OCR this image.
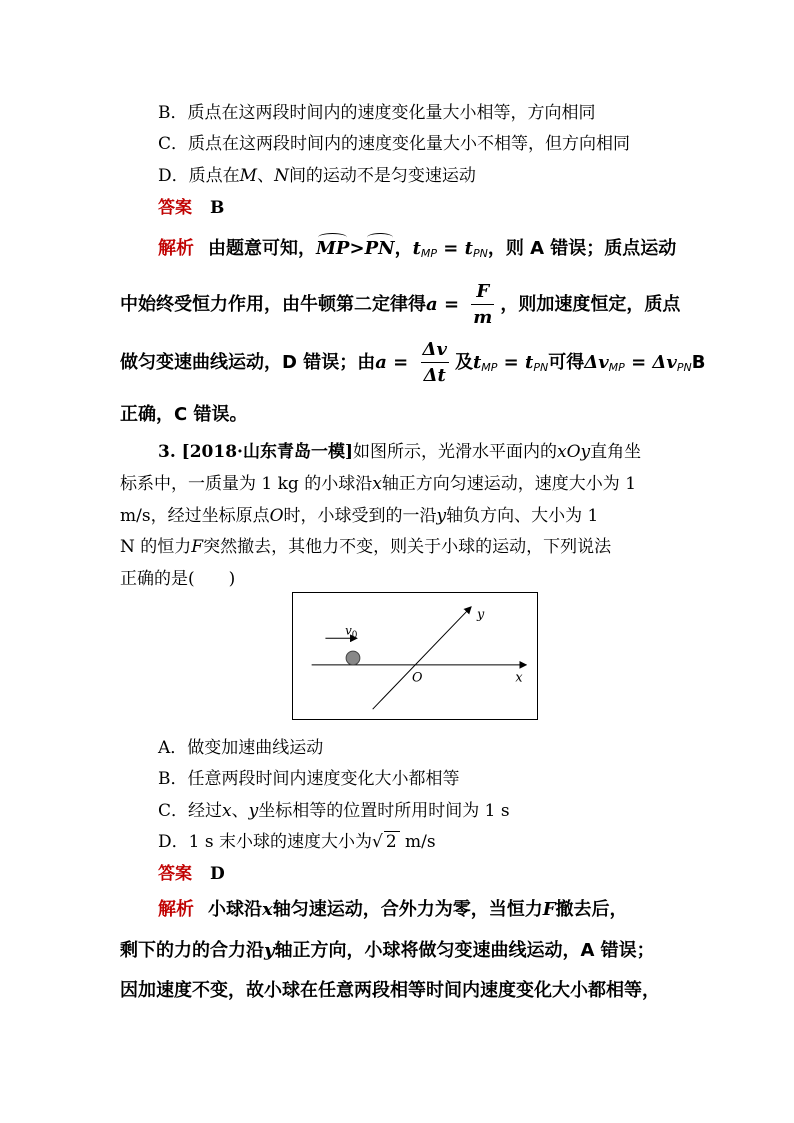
B．质点在这两段时间内的速度变化量大小相等，方向相同
C．质点在这两段时间内的速度变化量大小不相等，但方向相同
D．质点在M、N间的运动不是匀变速运动
答案 B
解析 由题意可知，MP>PN，$t_{MP} = t_{PN}$，则 A 错误；质点运动
中始终受恒力作用，由牛顿第二定律得$a = \frac{F}{m}$ ，则加速度恒定，质点
做匀变速曲线运动，D 错误；由$a = \frac{\Delta v}{\Delta t}$ 及$t_{MP} = t_{PN}$可得$\Delta v_{MP} = \Delta v_{PN}B$
正确，C 错误。
3. [2018·山东青岛一模]如图所示，光滑水平面内的xOy直角坐
标系中，一质量为 1 kg 的小球沿x轴正方向匀速运动，速度大小为 1
m/s，经过坐标原点O时，小球受到的一沿y轴负方向、大小为 1
N 的恒力F突然撤去，其他力不变，则关于小球的运动，下列说法
正确的是(　　)
$v_0$
x
y
O
A．做变加速曲线运动
B．任意两段时间内速度变化大小都相等
C．经过x、y坐标相等的位置时所用时间为 1 s
D．1 s 末小球的速度大小为√ 2 m/s
答案 D
解析 小球沿x轴匀速运动，合外力为零，当恒力F撤去后，
剩下的力的合力沿y轴正方向，小球将做匀变速曲线运动，A 错误；
因加速度不变，故小球在任意两段相等时间内速度变化大小都相等，
